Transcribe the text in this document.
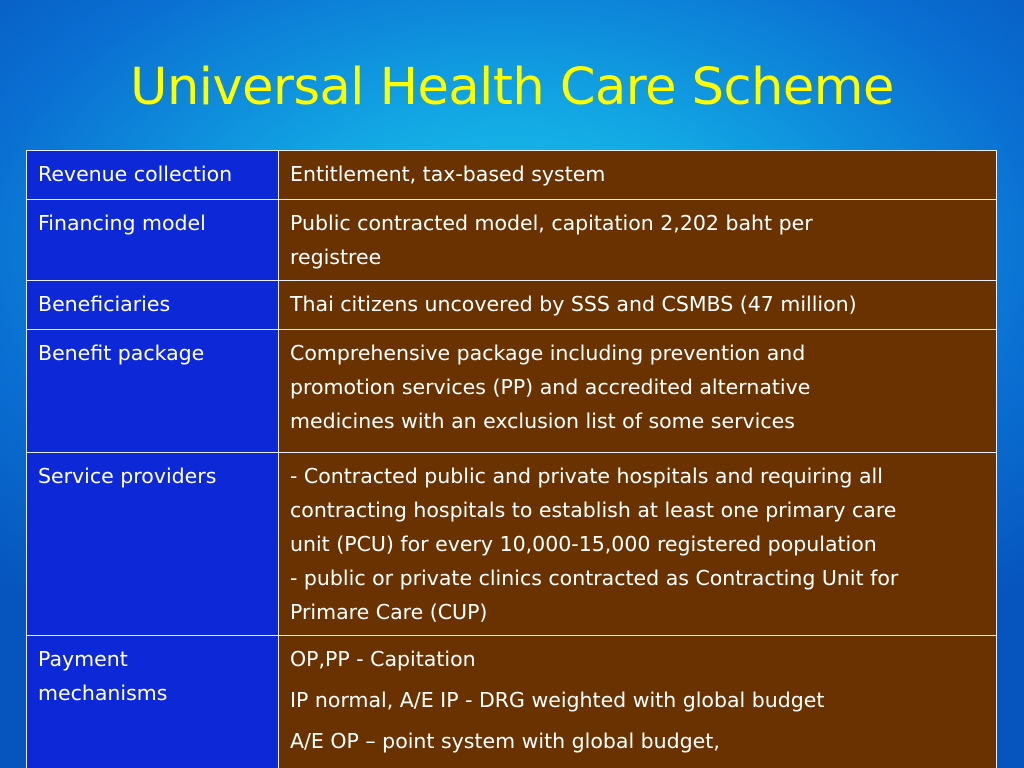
Universal Health Care Scheme
Revenue collection	Entitlement, tax-based system

Financing model	Public contracted model, capitation 2,202 baht per
registree

Beneficiaries	Thai citizens uncovered by SSS and CSMBS (47 million)

Benefit package	Comprehensive package including prevention and
promotion services (PP) and accredited alternative
medicines with an exclusion list of some services

Service providers	- Contracted public and private hospitals and requiring all
contracting hospitals to establish at least one primary care
unit (PCU) for every 10,000-15,000 registered population
- public or private clinics contracted as Contracting Unit for
Primare Care (CUP)

Payment
mechanisms	OP,PP - Capitation
IP normal, A/E IP - DRG weighted with global budget
A/E OP – point system with global budget,
